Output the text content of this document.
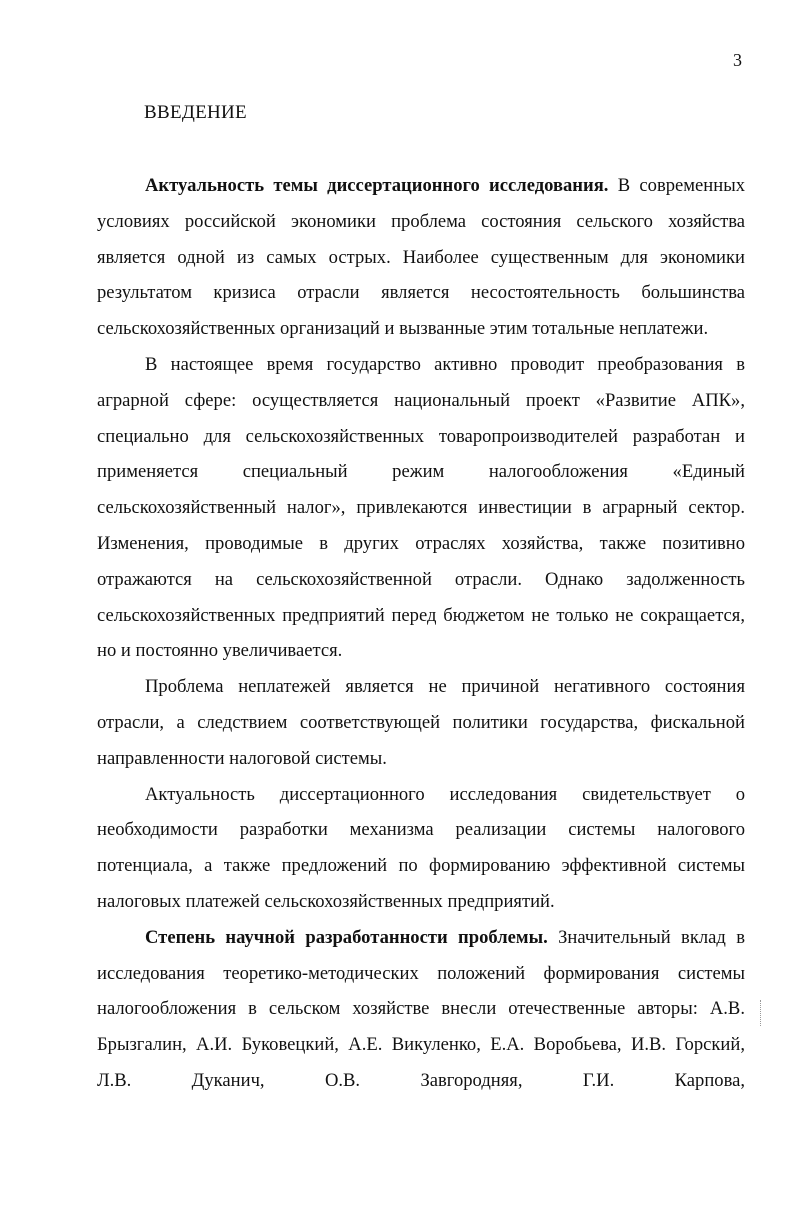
3
ВВЕДЕНИЕ

Актуальность темы диссертационного исследования. В современных условиях российской экономики проблема состояния сельского хозяйства является одной из самых острых. Наиболее существенным для экономики результатом кризиса отрасли является несостоятельность большинства сельскохозяйственных организаций и вызванные этим тотальные неплатежи.

В настоящее время государство активно проводит преобразования в аграрной сфере: осуществляется национальный проект «Развитие АПК», специально для сельскохозяйственных товаропроизводителей разработан и применяется специальный режим налогообложения «Единый сельскохозяйственный налог», привлекаются инвестиции в аграрный сектор. Изменения, проводимые в других отраслях хозяйства, также позитивно отражаются на сельскохозяйственной отрасли. Однако задолженность сельскохозяйственных предприятий перед бюджетом не только не сокращается, но и постоянно увеличивается.

Проблема неплатежей является не причиной негативного состояния отрасли, а следствием соответствующей политики государства, фискальной направленности налоговой системы.

Актуальность диссертационного исследования свидетельствует о необходимости разработки механизма реализации системы налогового потенциала, а также предложений по формированию эффективной системы налоговых платежей сельскохозяйственных предприятий.

Степень научной разработанности проблемы. Значительный вклад в исследования теоретико-методических положений формирования системы налогообложения в сельском хозяйстве внесли отечественные авторы: А.В. Брызгалин, А.И. Буковецкий, А.Е. Викуленко, Е.А. Воробьева, И.В. Горский, Л.В. Дуканич, О.В. Завгородняя, Г.И. Карпова,
